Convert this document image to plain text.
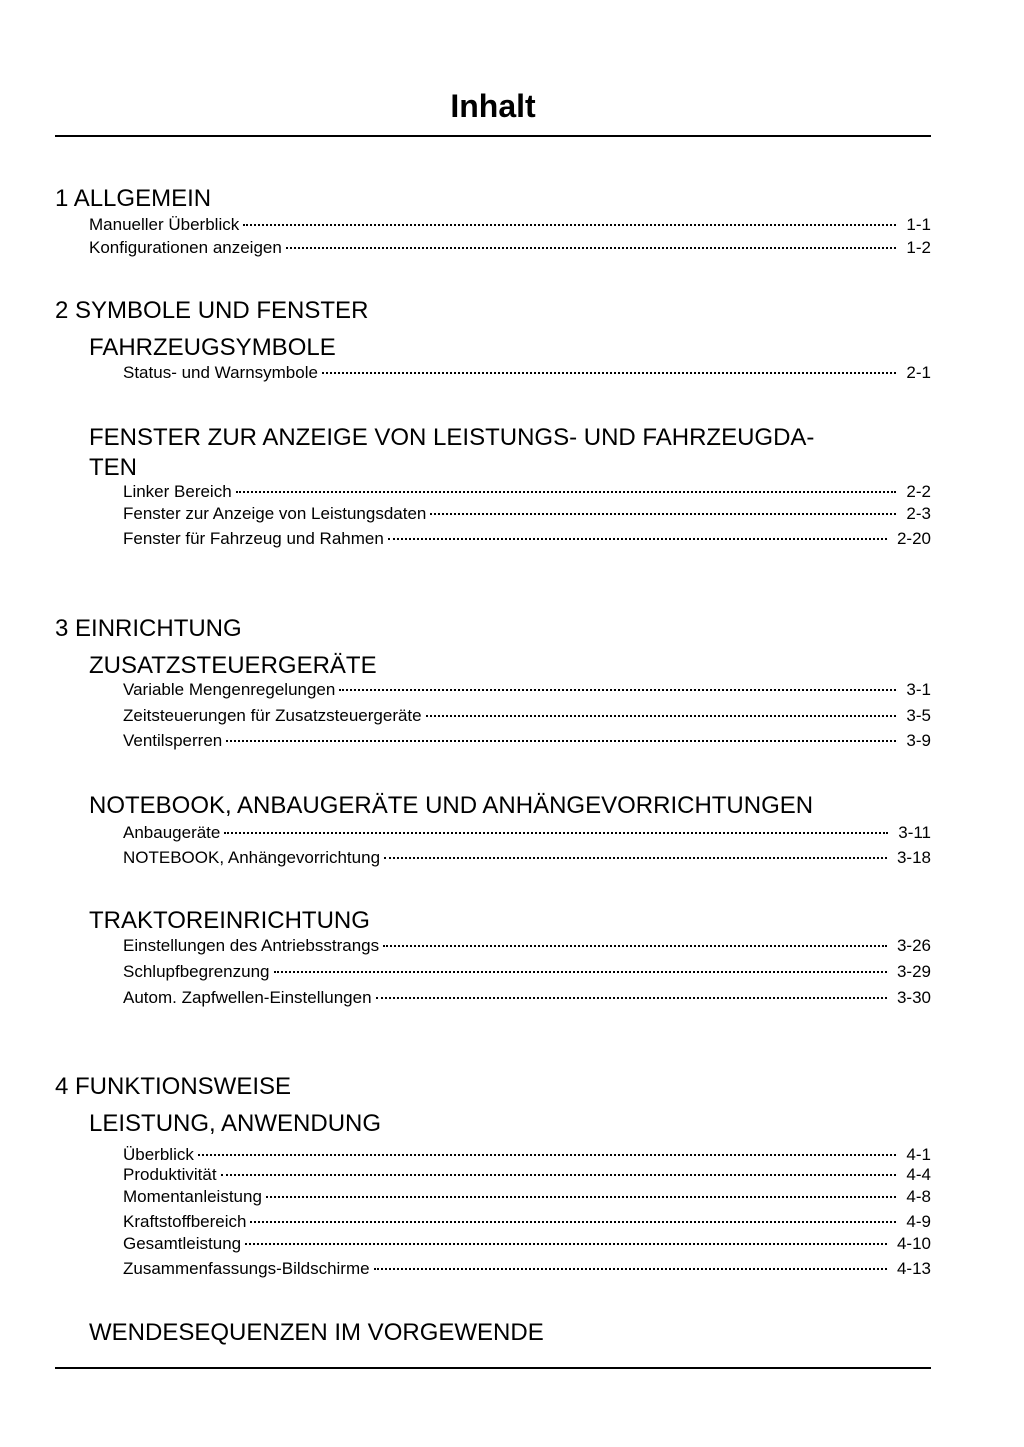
Inhalt
1 ALLGEMEIN
Manueller Überblick	1-1
Konfigurationen anzeigen	1-2
2 SYMBOLE UND FENSTER
FAHRZEUGSYMBOLE
Status- und Warnsymbole	2-1
FENSTER ZUR ANZEIGE VON LEISTUNGS- UND FAHRZEUGDA-
TEN
Linker Bereich	2-2
Fenster zur Anzeige von Leistungsdaten	2-3
Fenster für Fahrzeug und Rahmen	2-20
3 EINRICHTUNG
ZUSATZSTEUERGERÄTE
Variable Mengenregelungen	3-1
Zeitsteuerungen für Zusatzsteuergeräte	3-5
Ventilsperren	3-9
NOTEBOOK, ANBAUGERÄTE UND ANHÄNGEVORRICHTUNGEN
Anbaugeräte	3-11
NOTEBOOK, Anhängevorrichtung	3-18
TRAKTOREINRICHTUNG
Einstellungen des Antriebsstrangs	3-26
Schlupfbegrenzung	3-29
Autom. Zapfwellen-Einstellungen	3-30
4 FUNKTIONSWEISE
LEISTUNG, ANWENDUNG
Überblick	4-1
Produktivität	4-4
Momentanleistung	4-8
Kraftstoffbereich	4-9
Gesamtleistung	4-10
Zusammenfassungs-Bildschirme	4-13
WENDESEQUENZEN IM VORGEWENDE
